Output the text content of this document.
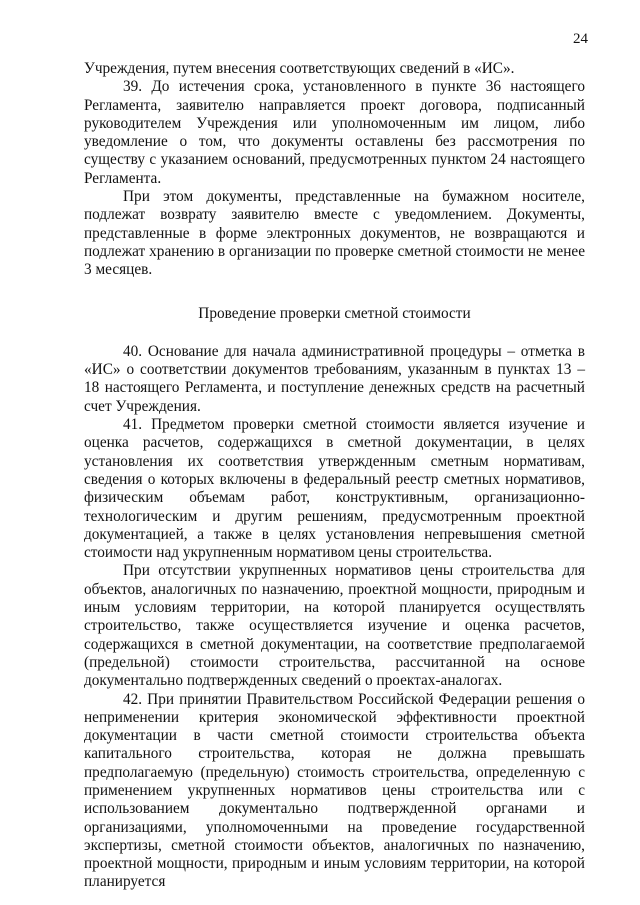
24

Учреждения, путем внесения соответствующих сведений в «ИС».

39. До истечения срока, установленного в пункте 36 настоящего Регламента, заявителю направляется проект договора, подписанный руководителем Учреждения или уполномоченным им лицом, либо уведомление о том, что документы оставлены без рассмотрения по существу с указанием оснований, предусмотренных пунктом 24 настоящего Регламента.

При этом документы, представленные на бумажном носителе, подлежат возврату заявителю вместе с уведомлением. Документы, представленные в форме электронных документов, не возвращаются и подлежат хранению в организации по проверке сметной стоимости не менее 3 месяцев.

Проведение проверки сметной стоимости

40. Основание для начала административной процедуры – отметка в «ИС» о соответствии документов требованиям, указанным в пунктах 13 – 18 настоящего Регламента, и поступление денежных средств на расчетный счет Учреждения.

41. Предметом проверки сметной стоимости является изучение и оценка расчетов, содержащихся в сметной документации, в целях установления их соответствия утвержденным сметным нормативам, сведения о которых включены в федеральный реестр сметных нормативов, физическим объемам работ, конструктивным, организационно-технологическим и другим решениям, предусмотренным проектной документацией, а также в целях установления непревышения сметной стоимости над укрупненным нормативом цены строительства.

При отсутствии укрупненных нормативов цены строительства для объектов, аналогичных по назначению, проектной мощности, природным и иным условиям территории, на которой планируется осуществлять строительство, также осуществляется изучение и оценка расчетов, содержащихся в сметной документации, на соответствие предполагаемой (предельной) стоимости строительства, рассчитанной на основе документально подтвержденных сведений о проектах-аналогах.

42. При принятии Правительством Российской Федерации решения о неприменении критерия экономической эффективности проектной документации в части сметной стоимости строительства объекта капитального строительства, которая не должна превышать предполагаемую (предельную) стоимость строительства, определенную с применением укрупненных нормативов цены строительства или с использованием документально подтвержденной органами и организациями, уполномоченными на проведение государственной экспертизы, сметной стоимости объектов, аналогичных по назначению, проектной мощности, природным и иным условиям территории, на которой планируется
